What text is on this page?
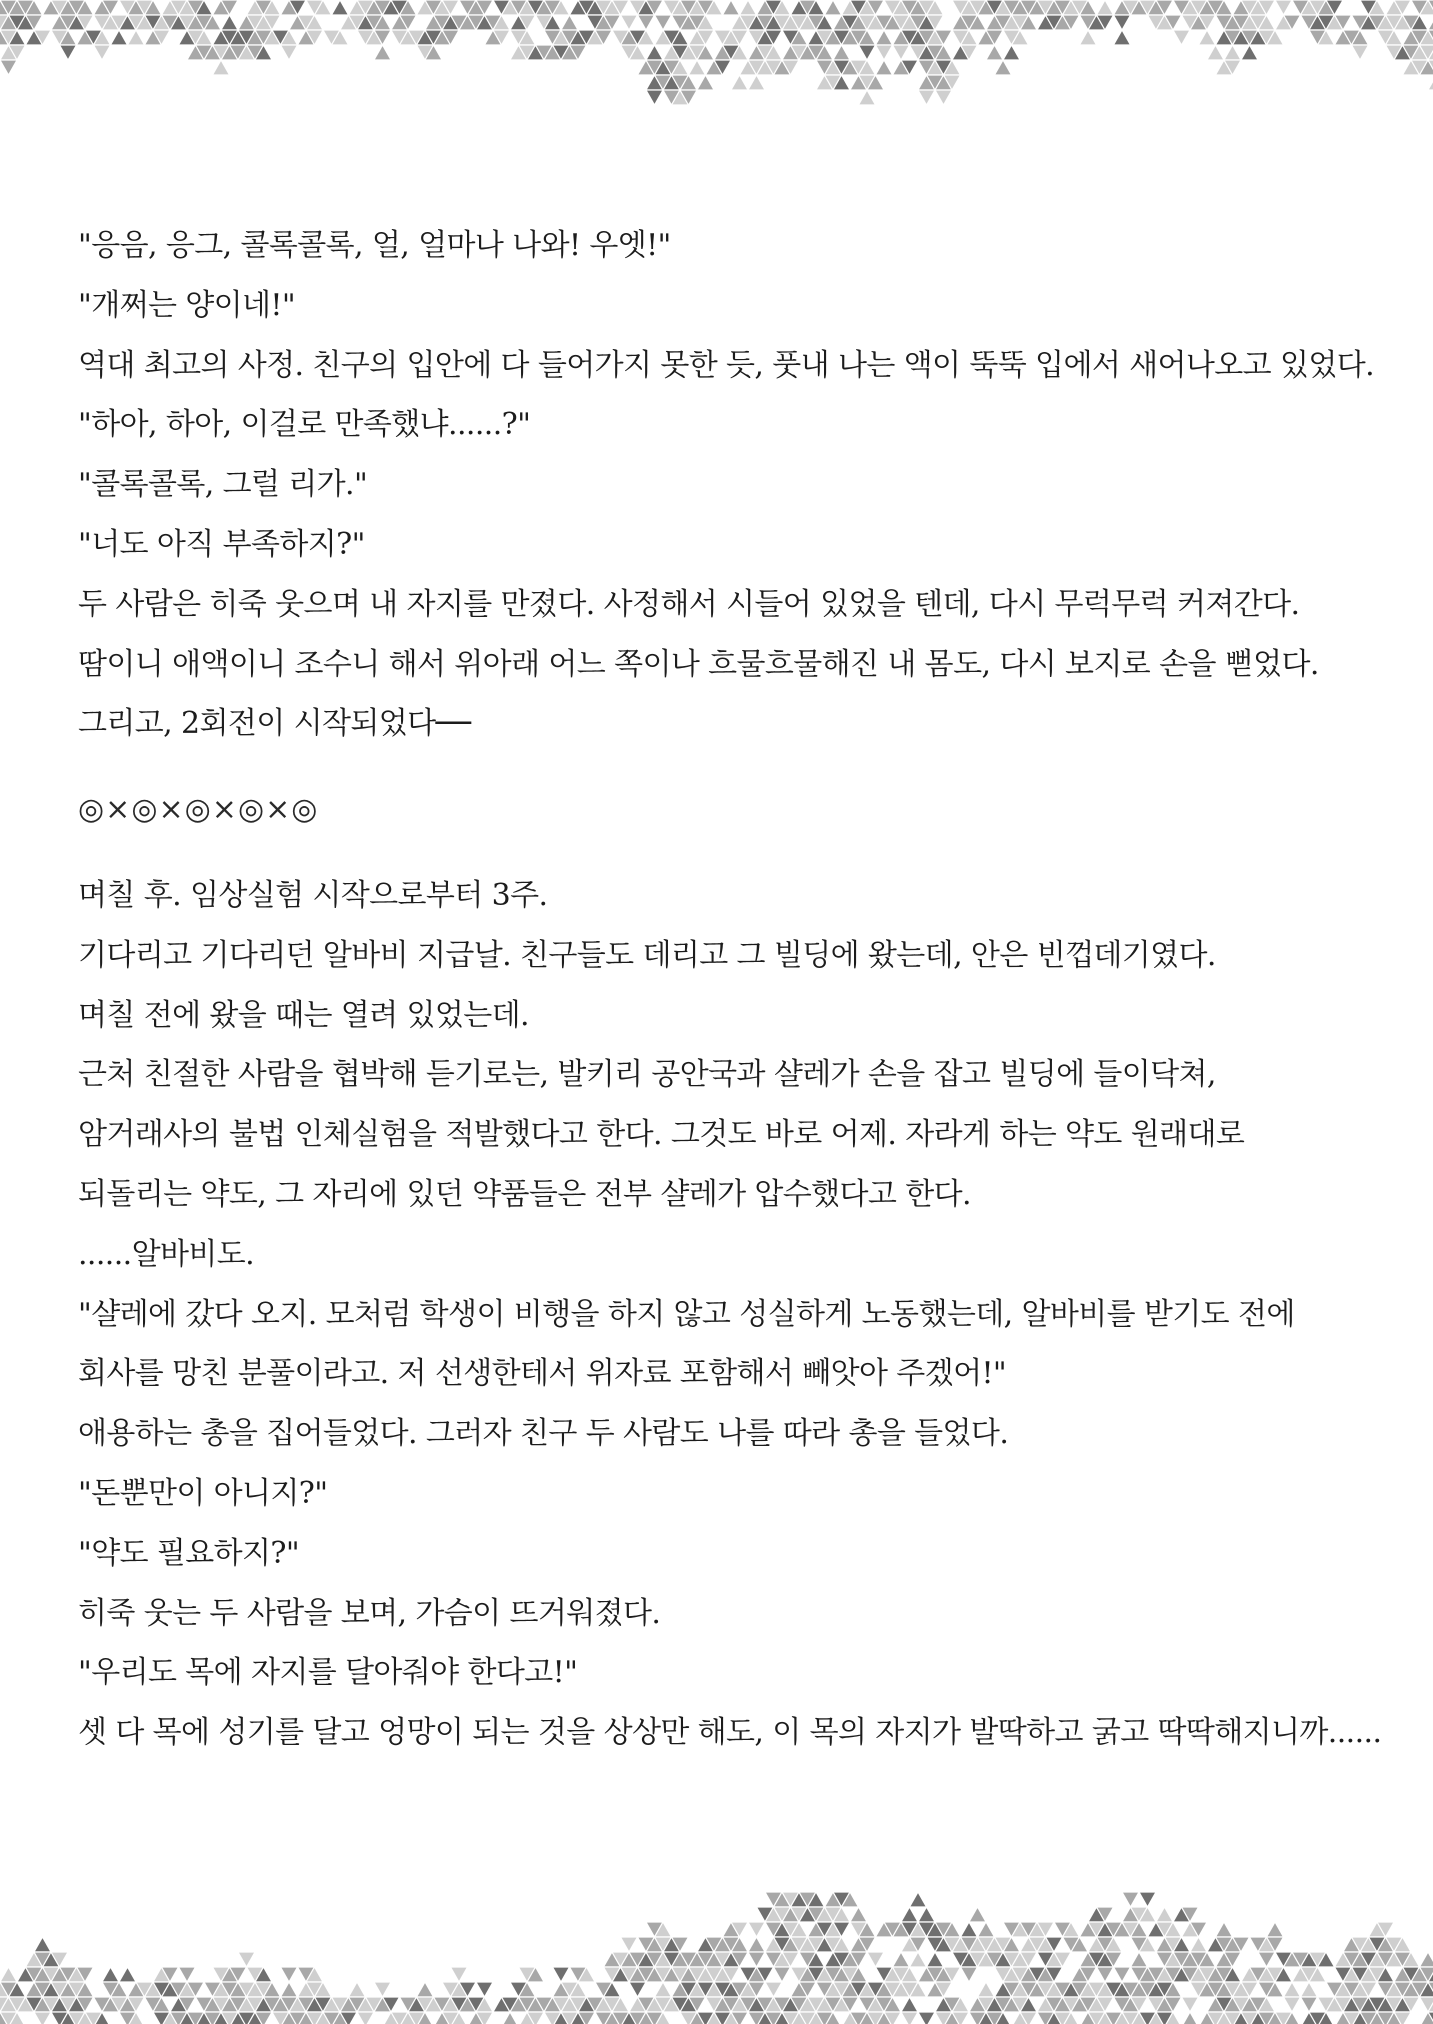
"응음, 응그, 콜록콜록, 얼, 얼마나 나와! 우엣!"

"개쩌는 양이네!"

역대 최고의 사정. 친구의 입안에 다 들어가지 못한 듯, 풋내 나는 액이 뚝뚝 입에서 새어나오고 있었다.

"하아, 하아, 이걸로 만족했냐......?"

"콜록콜록, 그럴 리가."

"너도 아직 부족하지?"

두 사람은 히죽 웃으며 내 자지를 만졌다. 사정해서 시들어 있었을 텐데, 다시 무럭무럭 커져간다.

땀이니 애액이니 조수니 해서 위아래 어느 쪽이나 흐물흐물해진 내 몸도, 다시 보지로 손을 뻗었다.

그리고, 2회전이 시작되었다──

◎×◎×◎×◎×◎

며칠 후. 임상실험 시작으로부터 3주.

기다리고 기다리던 알바비 지급날. 친구들도 데리고 그 빌딩에 왔는데, 안은 빈껍데기였다.

며칠 전에 왔을 때는 열려 있었는데.

근처 친절한 사람을 협박해 듣기로는, 발키리 공안국과 샬레가 손을 잡고 빌딩에 들이닥쳐,

암거래사의 불법 인체실험을 적발했다고 한다. 그것도 바로 어제. 자라게 하는 약도 원래대로

되돌리는 약도, 그 자리에 있던 약품들은 전부 샬레가 압수했다고 한다.

......알바비도.

"샬레에 갔다 오지. 모처럼 학생이 비행을 하지 않고 성실하게 노동했는데, 알바비를 받기도 전에

회사를 망친 분풀이라고. 저 선생한테서 위자료 포함해서 빼앗아 주겠어!"

애용하는 총을 집어들었다. 그러자 친구 두 사람도 나를 따라 총을 들었다.

"돈뿐만이 아니지?"

"약도 필요하지?"

히죽 웃는 두 사람을 보며, 가슴이 뜨거워졌다.

"우리도 목에 자지를 달아줘야 한다고!"

셋 다 목에 성기를 달고 엉망이 되는 것을 상상만 해도, 이 목의 자지가 발딱하고 굵고 딱딱해지니까......
